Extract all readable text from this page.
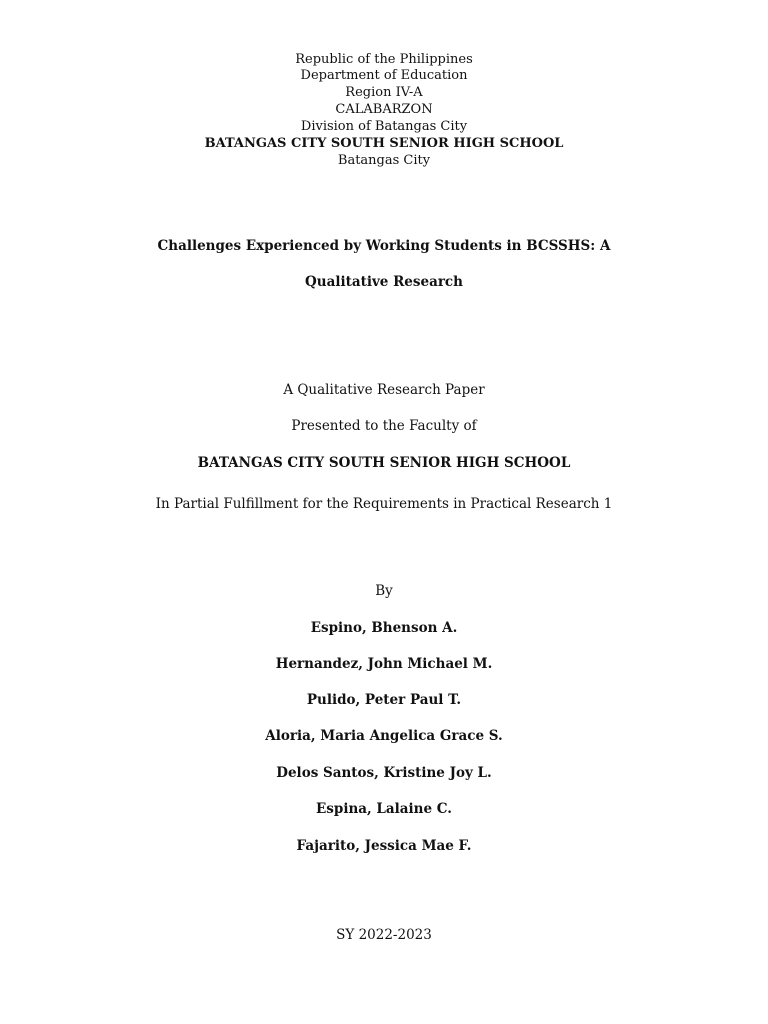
Republic of the Philippines
Department of Education
Region IV-A
CALABARZON
Division of Batangas City
BATANGAS CITY SOUTH SENIOR HIGH SCHOOL
Batangas City
Challenges Experienced by Working Students in BCSSHS: A
Qualitative Research
A Qualitative Research Paper
Presented to the Faculty of
BATANGAS CITY SOUTH SENIOR HIGH SCHOOL
In Partial Fulfillment for the Requirements in Practical Research 1
By
Espino, Bhenson A.
Hernandez, John Michael M.
Pulido, Peter Paul T.
Aloria, Maria Angelica Grace S.
Delos Santos, Kristine Joy L.
Espina, Lalaine C.
Fajarito, Jessica Mae F.
SY 2022-2023
